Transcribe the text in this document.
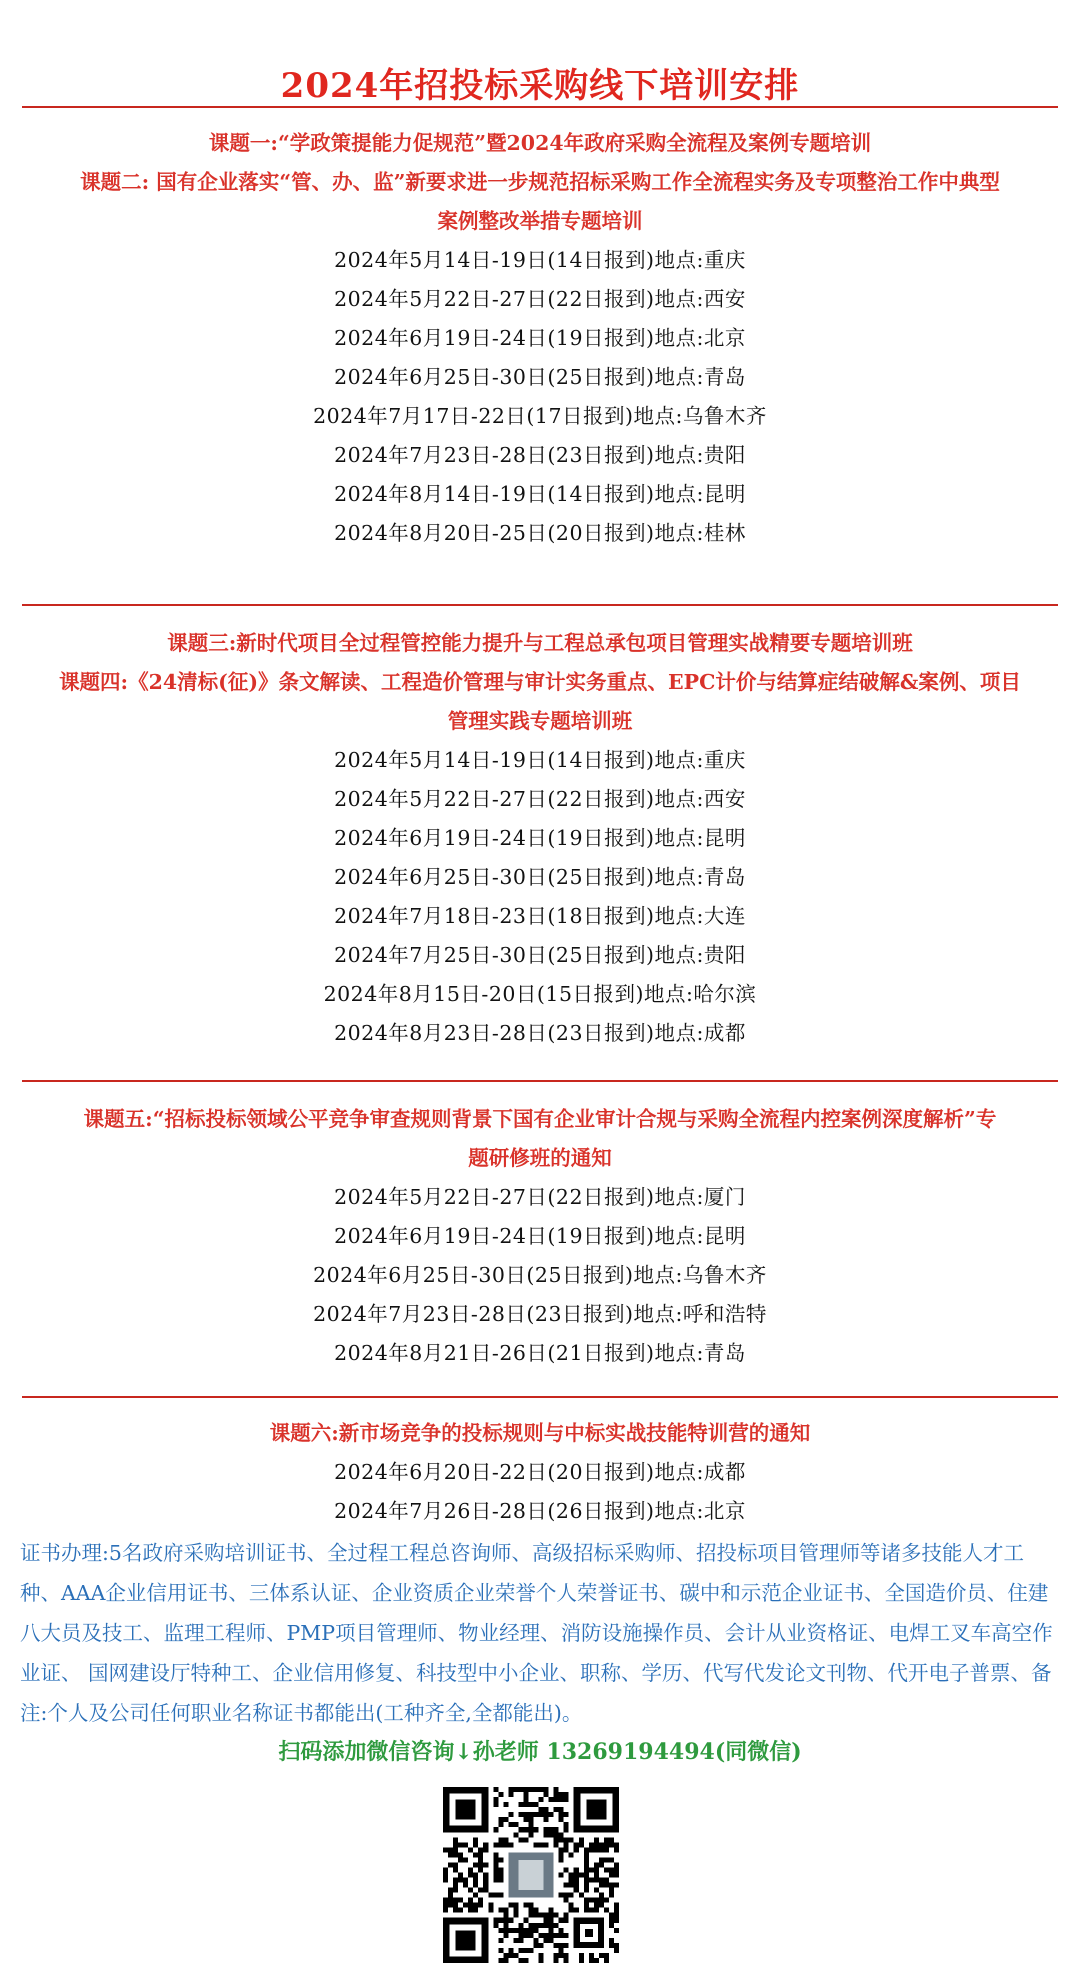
2024年招投标采购线下培训安排
课题一:“学政策提能力促规范”暨2024年政府采购全流程及案例专题培训
课题二: 国有企业落实“管、办、监”新要求进一步规范招标采购工作全流程实务及专项整治工作中典型
案例整改举措专题培训
2024年5月14日-19日(14日报到)地点:重庆
2024年5月22日-27日(22日报到)地点:西安
2024年6月19日-24日(19日报到)地点:北京
2024年6月25日-30日(25日报到)地点:青岛
2024年7月17日-22日(17日报到)地点:乌鲁木齐
2024年7月23日-28日(23日报到)地点:贵阳
2024年8月14日-19日(14日报到)地点:昆明
2024年8月20日-25日(20日报到)地点:桂林
课题三:新时代项目全过程管控能力提升与工程总承包项目管理实战精要专题培训班
课题四:《24清标(征)》条文解读、工程造价管理与审计实务重点、EPC计价与结算症结破解&案例、项目
管理实践专题培训班
2024年5月14日-19日(14日报到)地点:重庆
2024年5月22日-27日(22日报到)地点:西安
2024年6月19日-24日(19日报到)地点:昆明
2024年6月25日-30日(25日报到)地点:青岛
2024年7月18日-23日(18日报到)地点:大连
2024年7月25日-30日(25日报到)地点:贵阳
2024年8月15日-20日(15日报到)地点:哈尔滨
2024年8月23日-28日(23日报到)地点:成都
课题五:“招标投标领域公平竞争审查规则背景下国有企业审计合规与采购全流程内控案例深度解析”专
题研修班的通知
2024年5月22日-27日(22日报到)地点:厦门
2024年6月19日-24日(19日报到)地点:昆明
2024年6月25日-30日(25日报到)地点:乌鲁木齐
2024年7月23日-28日(23日报到)地点:呼和浩特
2024年8月21日-26日(21日报到)地点:青岛
课题六:新市场竞争的投标规则与中标实战技能特训营的通知
2024年6月20日-22日(20日报到)地点:成都
2024年7月26日-28日(26日报到)地点:北京
证书办理:5名政府采购培训证书、全过程工程总咨询师、高级招标采购师、招投标项目管理师等诸多技能人才工种、AAA企业信用证书、三体系认证、企业资质企业荣誉个人荣誉证书、碳中和示范企业证书、全国造价员、住建八大员及技工、监理工程师、PMP项目管理师、物业经理、消防设施操作员、会计从业资格证、电焊工叉车高空作业证、 国网建设厅特种工、企业信用修复、科技型中小企业、职称、学历、代写代发论文刊物、代开电子普票、备注:个人及公司任何职业名称证书都能出(工种齐全,全都能出)。
扫码添加微信咨询↓孙老师 13269194494(同微信)
